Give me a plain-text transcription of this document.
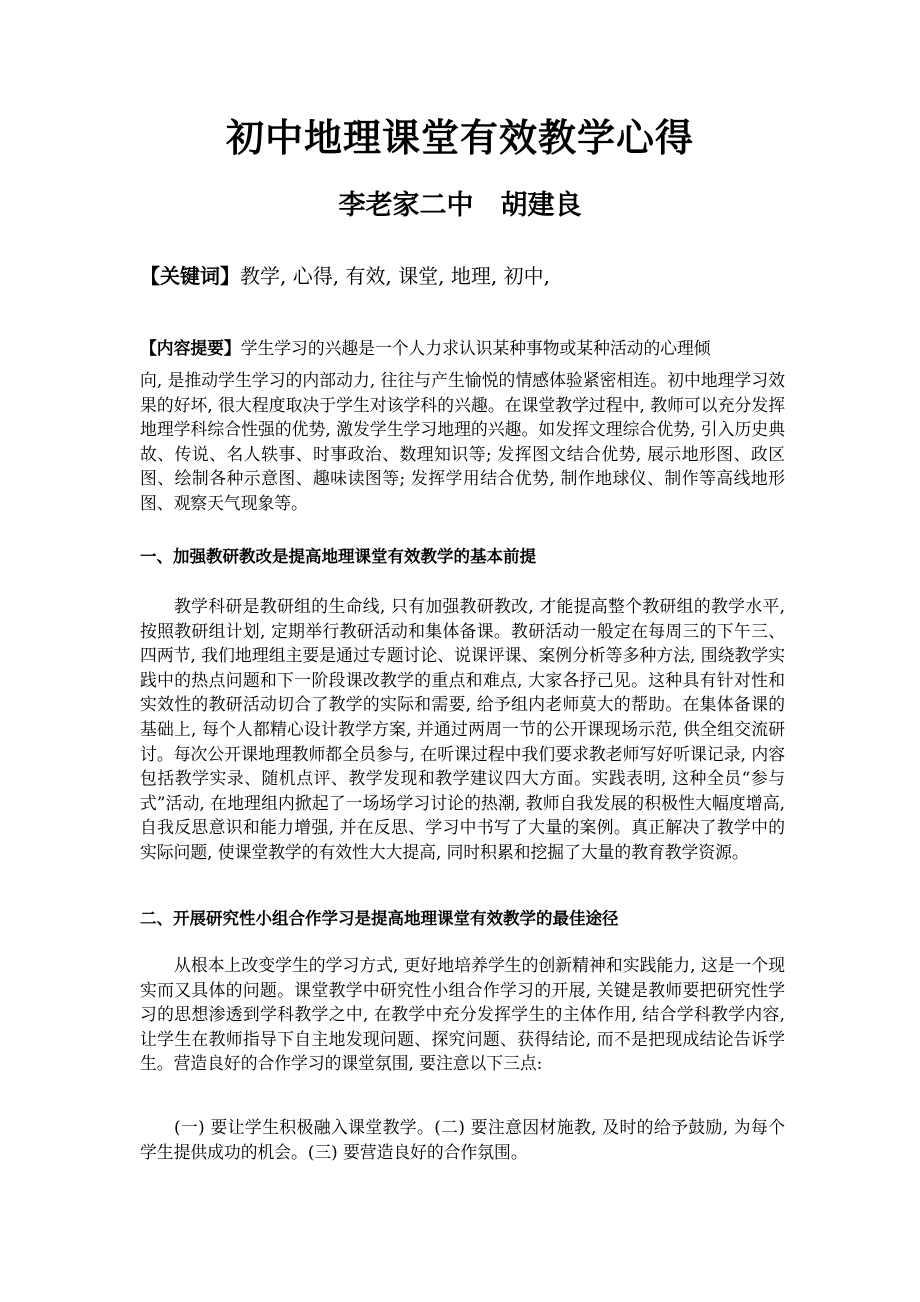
初中地理课堂有效教学心得
李老家二中　胡建良
【关键词】教学, 心得, 有效, 课堂, 地理, 初中,
【内容提要】学生学习的兴趣是一个人力求认识某种事物或某种活动的心理倾
向, 是推动学生学习的内部动力, 往往与产生愉悦的情感体验紧密相连。初中地理学习效果的好坏, 很大程度取决于学生对该学科的兴趣。在课堂教学过程中, 教师可以充分发挥地理学科综合性强的优势, 激发学生学习地理的兴趣。如发挥文理综合优势, 引入历史典故、传说、名人轶事、时事政治、数理知识等; 发挥图文结合优势, 展示地形图、政区图、绘制各种示意图、趣味读图等; 发挥学用结合优势, 制作地球仪、制作等高线地形图、观察天气现象等。
一、加强教研教改是提高地理课堂有效教学的基本前提
教学科研是教研组的生命线, 只有加强教研教改, 才能提高整个教研组的教学水平, 按照教研组计划, 定期举行教研活动和集体备课。教研活动一般定在每周三的下午三、四两节, 我们地理组主要是通过专题讨论、说课评课、案例分析等多种方法, 围绕教学实践中的热点问题和下一阶段课改教学的重点和难点, 大家各抒己见。这种具有针对性和实效性的教研活动切合了教学的实际和需要, 给予组内老师莫大的帮助。在集体备课的基础上, 每个人都精心设计教学方案, 并通过两周一节的公开课现场示范, 供全组交流研讨。每次公开课地理教师都全员参与, 在听课过程中我们要求教老师写好听课记录, 内容包括教学实录、随机点评、教学发现和教学建议四大方面。实践表明, 这种全员“参与式”活动, 在地理组内掀起了一场场学习讨论的热潮, 教师自我发展的积极性大幅度增高, 自我反思意识和能力增强, 并在反思、学习中书写了大量的案例。真正解决了教学中的实际问题, 使课堂教学的有效性大大提高, 同时积累和挖掘了大量的教育教学资源。
二、开展研究性小组合作学习是提高地理课堂有效教学的最佳途径
从根本上改变学生的学习方式, 更好地培养学生的创新精神和实践能力, 这是一个现实而又具体的问题。课堂教学中研究性小组合作学习的开展, 关键是教师要把研究性学习的思想渗透到学科教学之中, 在教学中充分发挥学生的主体作用, 结合学科教学内容, 让学生在教师指导下自主地发现问题、探究问题、获得结论, 而不是把现成结论告诉学生。营造良好的合作学习的课堂氛围, 要注意以下三点:
(一) 要让学生积极融入课堂教学。(二) 要注意因材施教, 及时的给予鼓励, 为每个学生提供成功的机会。(三) 要营造良好的合作氛围。
